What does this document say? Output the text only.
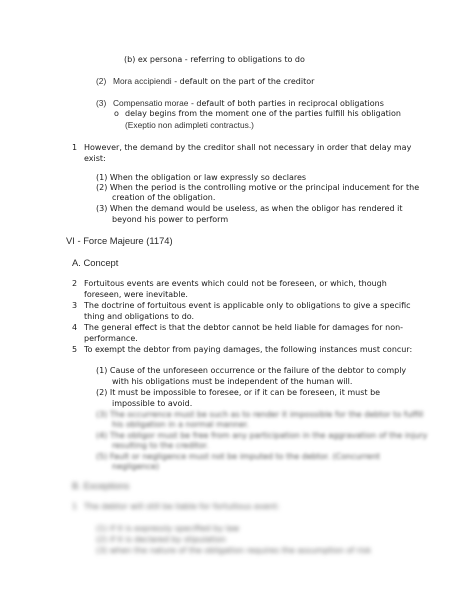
(b) ex persona - referring to obligations to do
(2) Mora accipiendi - default on the part of the creditor
(3) Compensatio morae - default of both parties in reciprocal obligations
o delay begins from the moment one of the parties fulfill his obligation
(Exeptio non adimpleti contractus.)
1 However, the demand by the creditor shall not necessary in order that delay may
exist:
(1) When the obligation or law expressly so declares
(2) When the period is the controlling motive or the principal inducement for the
creation of the obligation.
(3) When the demand would be useless, as when the obligor has rendered it
beyond his power to perform
VI - Force Majeure (1174)
A. Concept
2 Fortuitous events are events which could not be foreseen, or which, though
foreseen, were inevitable.
3 The doctrine of fortuitous event is applicable only to obligations to give a specific
thing and obligations to do.
4 The general effect is that the debtor cannot be held liable for damages for non-
performance.
5 To exempt the debtor from paying damages, the following instances must concur:
(1) Cause of the unforeseen occurrence or the failure of the debtor to comply
with his obligations must be independent of the human will.
(2) It must be impossible to foresee, or if it can be foreseen, it must be
impossible to avoid.
(3) The occurrence must be such as to render it impossible for the debtor to fulfill
his obligation in a normal manner.
(4) The obligor must be free from any participation in the aggravation of the injury
resulting to the creditor.
(5) Fault or negligence must not be imputed to the debtor. (Concurrent
negligence)
B. Exceptions
1 The debtor will still be liable for fortuitous event:
(1) if it is expressly specified by law
(2) if it is declared by stipulation
(3) when the nature of the obligation requires the assumption of risk
